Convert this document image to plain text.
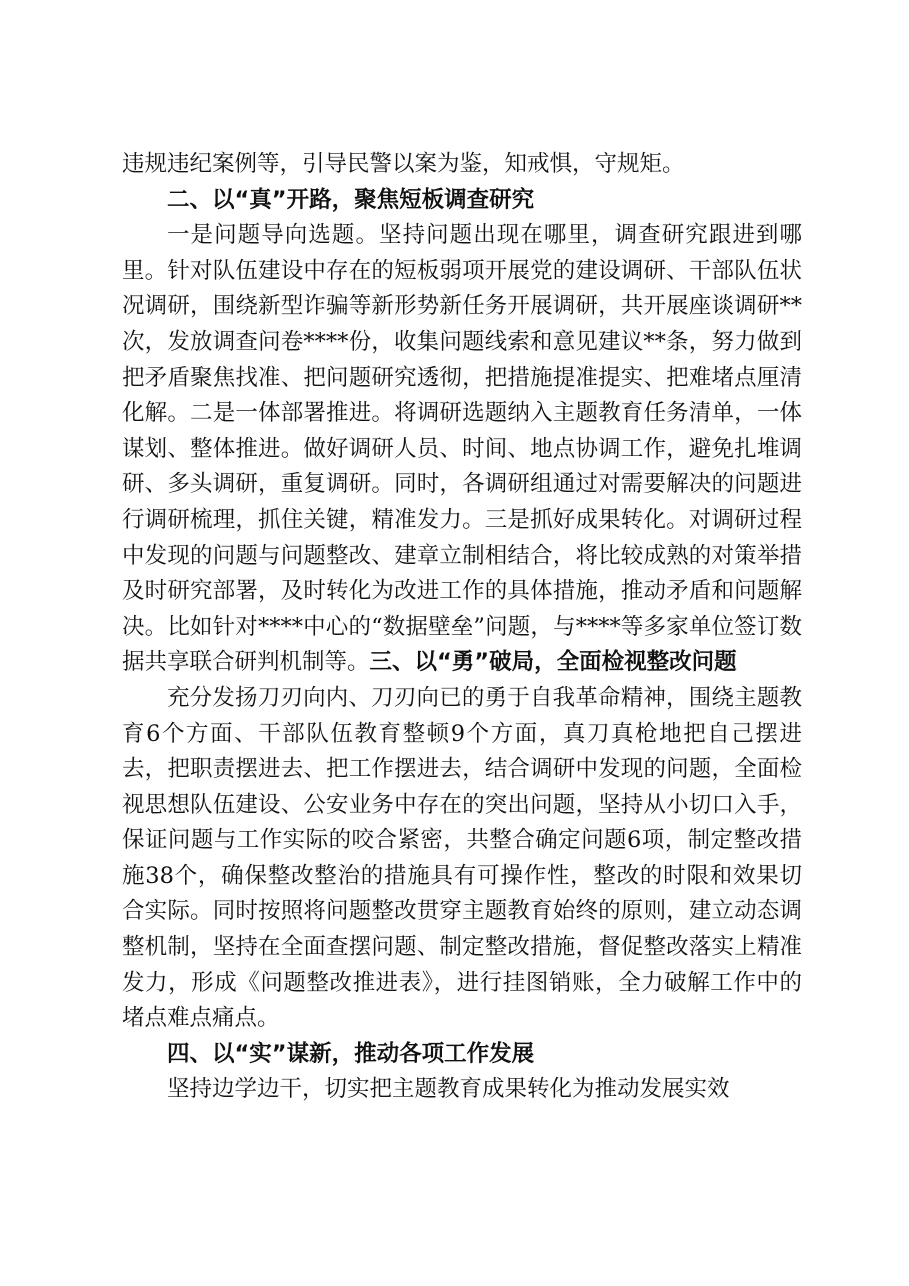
违规违纪案例等，引导民警以案为鉴，知戒惧，守规矩。

二、以“真”开路，聚焦短板调查研究

一是问题导向选题。坚持问题出现在哪里，调查研究跟进到哪里。针对队伍建设中存在的短板弱项开展党的建设调研、干部队伍状况调研，围绕新型诈骗等新形势新任务开展调研，共开展座谈调研**次，发放调查问卷****份，收集问题线索和意见建议**条，努力做到把矛盾聚焦找准、把问题研究透彻，把措施提准提实、把难堵点厘清化解。二是一体部署推进。将调研选题纳入主题教育任务清单，一体谋划、整体推进。做好调研人员、时间、地点协调工作，避免扎堆调研、多头调研，重复调研。同时，各调研组通过对需要解决的问题进行调研梳理，抓住关键，精准发力。三是抓好成果转化。对调研过程中发现的问题与问题整改、建章立制相结合，将比较成熟的对策举措及时研究部署，及时转化为改进工作的具体措施，推动矛盾和问题解决。比如针对****中心的“数据壁垒”问题，与****等多家单位签订数据共享联合研判机制等。三、以“勇”破局，全面检视整改问题

充分发扬刀刃向内、刀刃向已的勇于自我革命精神，围绕主题教育6个方面、干部队伍教育整顿9个方面，真刀真枪地把自己摆进去，把职责摆进去、把工作摆进去，结合调研中发现的问题，全面检视思想队伍建设、公安业务中存在的突出问题，坚持从小切口入手，保证问题与工作实际的咬合紧密，共整合确定问题6项，制定整改措施38个，确保整改整治的措施具有可操作性，整改的时限和效果切合实际。同时按照将问题整改贯穿主题教育始终的原则，建立动态调整机制，坚持在全面查摆问题、制定整改措施，督促整改落实上精准发力，形成《问题整改推进表》，进行挂图销账，全力破解工作中的堵点难点痛点。

四、以“实”谋新，推动各项工作发展

坚持边学边干，切实把主题教育成果转化为推动发展实效
